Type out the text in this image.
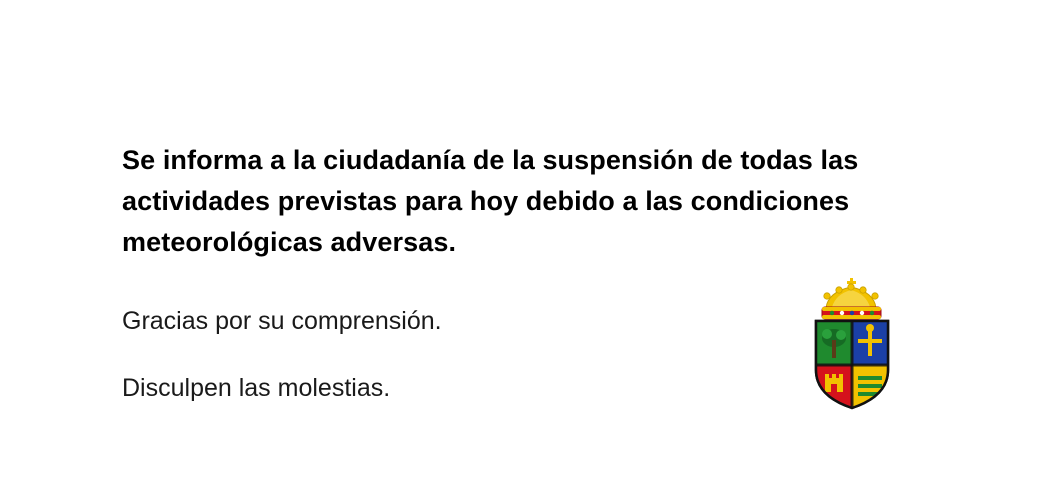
Se informa a la ciudadanía de la suspensión de todas las actividades previstas para hoy debido a las condiciones meteorológicas adversas.

Gracias por su comprensión.

Disculpen las molestias.
